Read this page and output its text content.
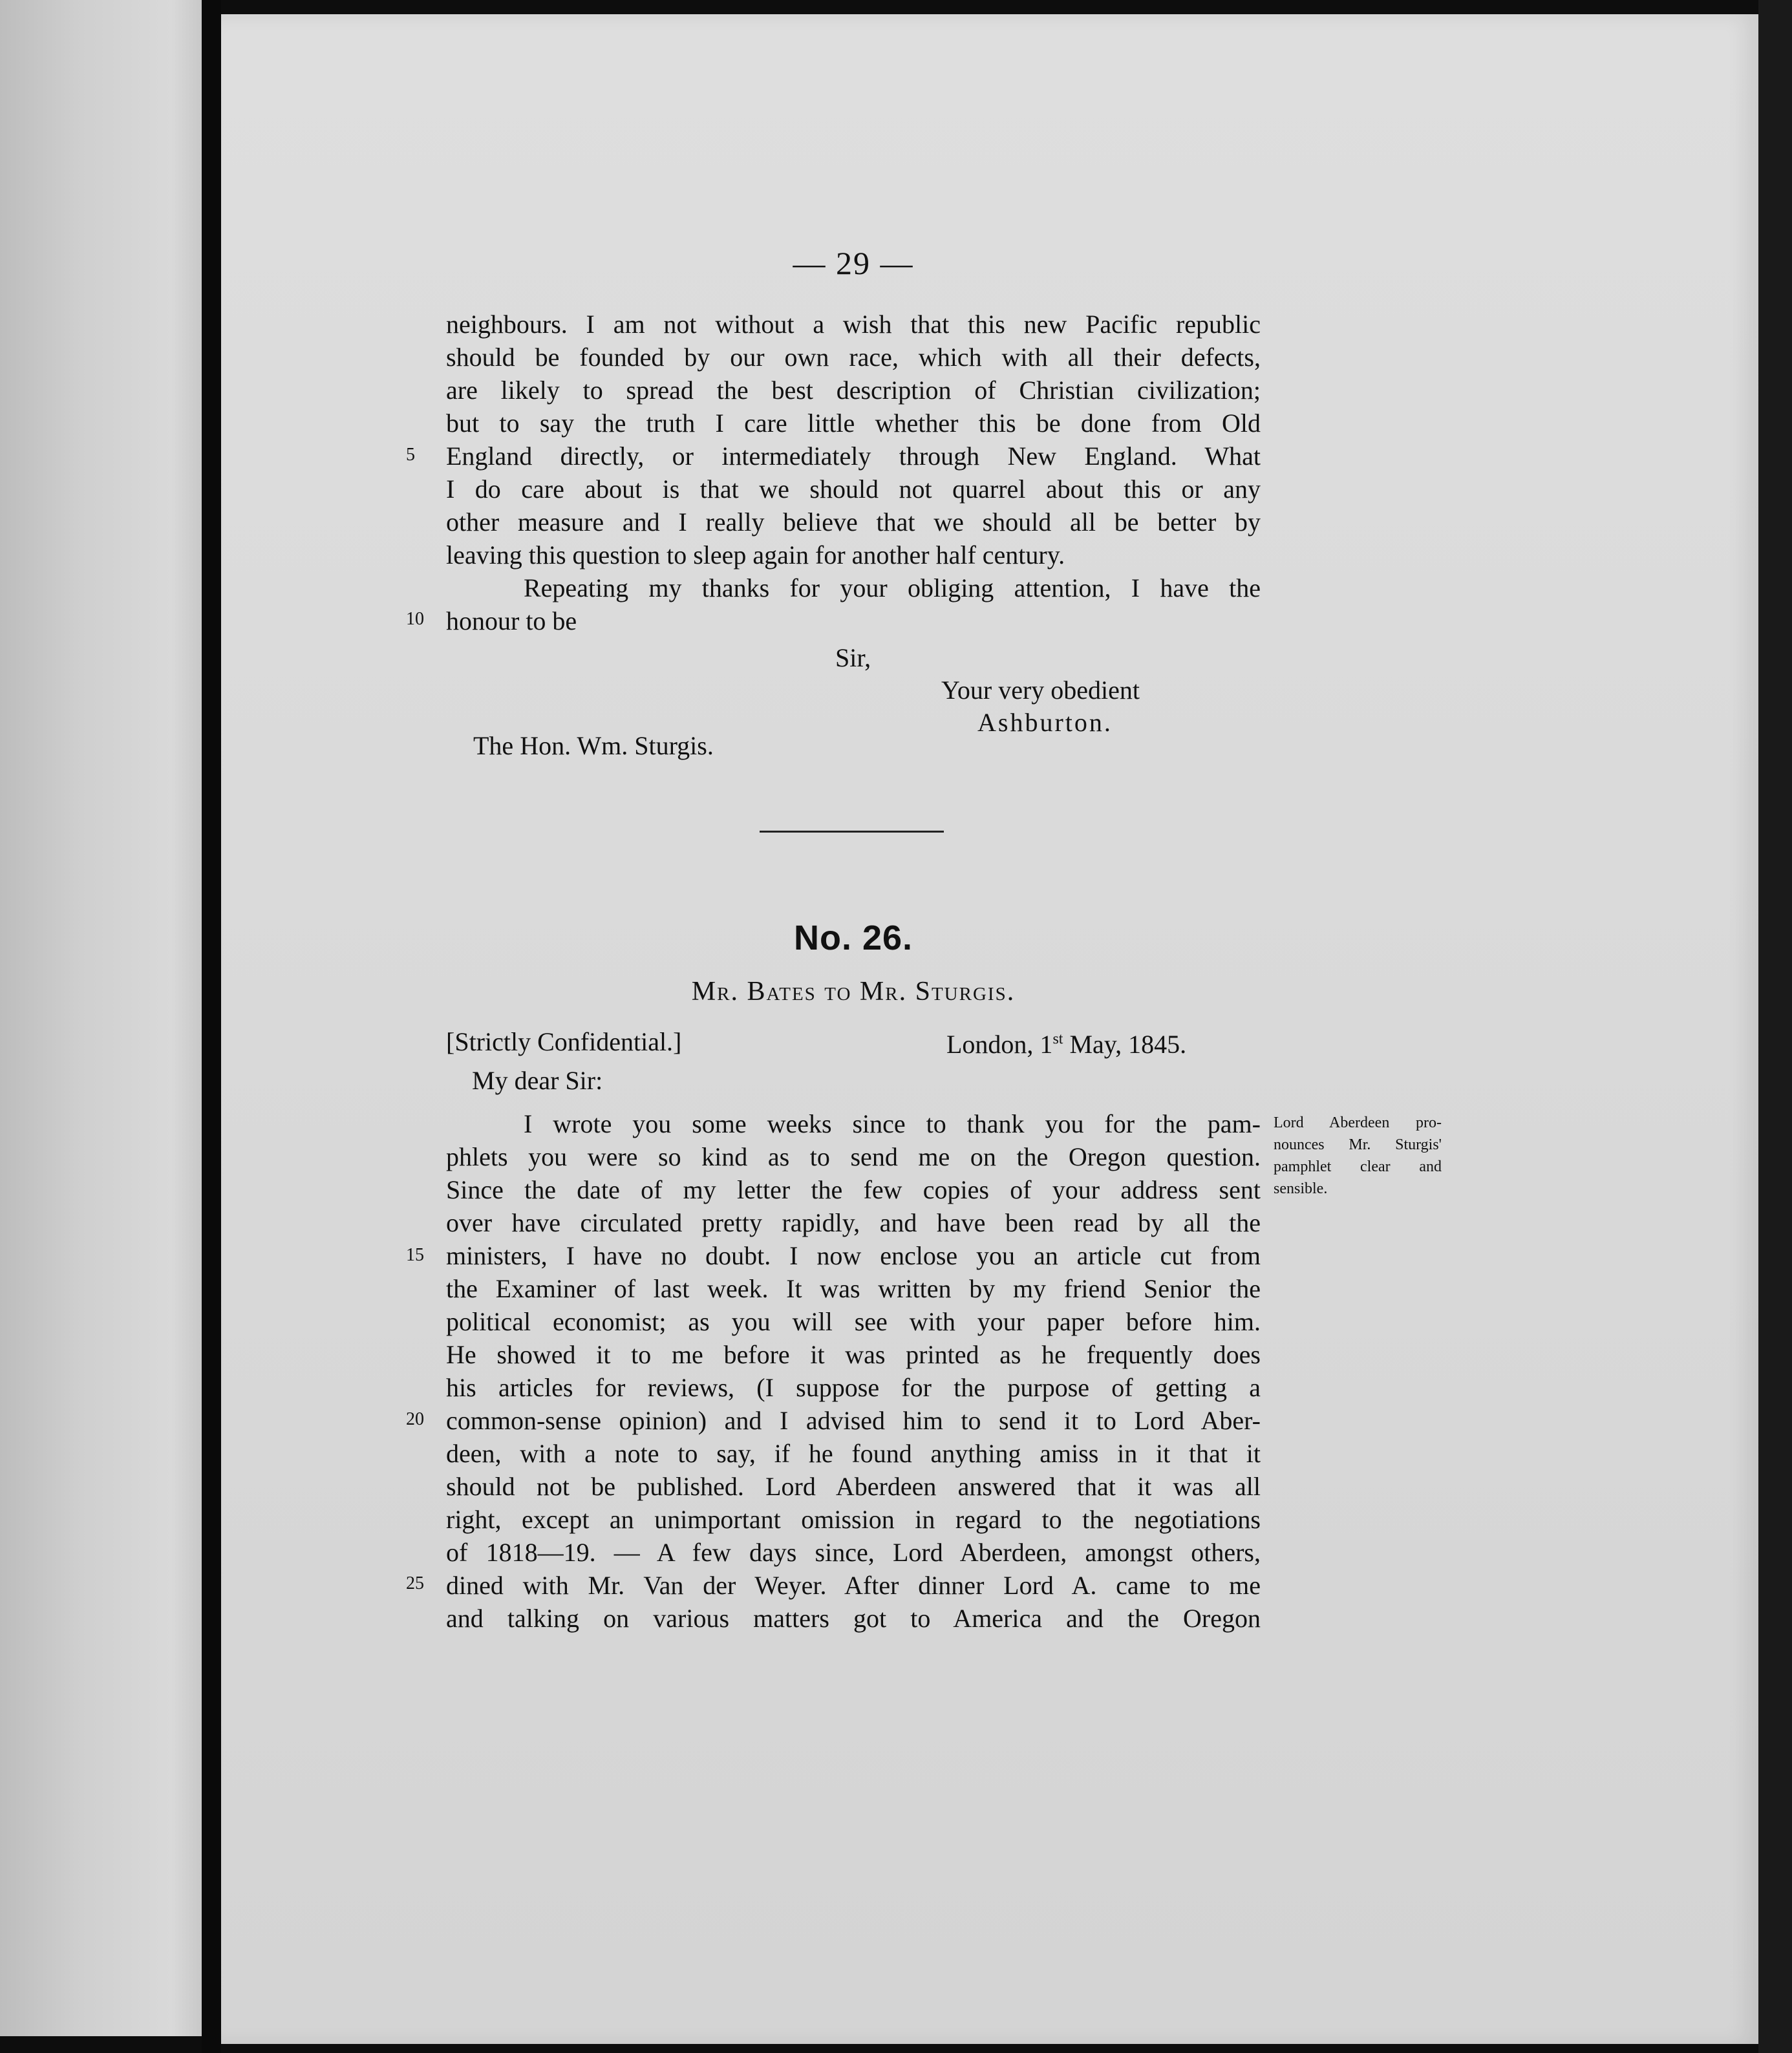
— 29 —
neighbours. I am not without a wish that this new Pacific republic
should be founded by our own race, which with all their defects,
are likely to spread the best description of Christian civilization;
but to say the truth I care little whether this be done from Old
England directly, or intermediately through New England. What
I do care about is that we should not quarrel about this or any
other measure and I really believe that we should all be better by
leaving this question to sleep again for another half century.
Repeating my thanks for your obliging attention, I have the
honour to be
5
10
Sir,
Your very obedient
Ashburton.
The Hon. Wm. Sturgis.
No. 26.
Mr. Bates to Mr. Sturgis.
[Strictly Confidential.]	London, 1st May, 1845.
My dear Sir:
I wrote you some weeks since to thank you for the pam-
phlets you were so kind as to send me on the Oregon question.
Since the date of my letter the few copies of your address sent
over have circulated pretty rapidly, and have been read by all the
ministers, I have no doubt. I now enclose you an article cut from
the Examiner of last week. It was written by my friend Senior the
political economist; as you will see with your paper before him.
He showed it to me before it was printed as he frequently does
his articles for reviews, (I suppose for the purpose of getting a
common-sense opinion) and I advised him to send it to Lord Aber-
deen, with a note to say, if he found anything amiss in it that it
should not be published. Lord Aberdeen answered that it was all
right, except an unimportant omission in regard to the negotiations
of 1818—19. — A few days since, Lord Aberdeen, amongst others,
dined with Mr. Van der Weyer. After dinner Lord A. came to me
and talking on various matters got to America and the Oregon
15
20
25
Lord Aberdeen pro-
nounces Mr. Sturgis'
pamphlet clear and
sensible.
